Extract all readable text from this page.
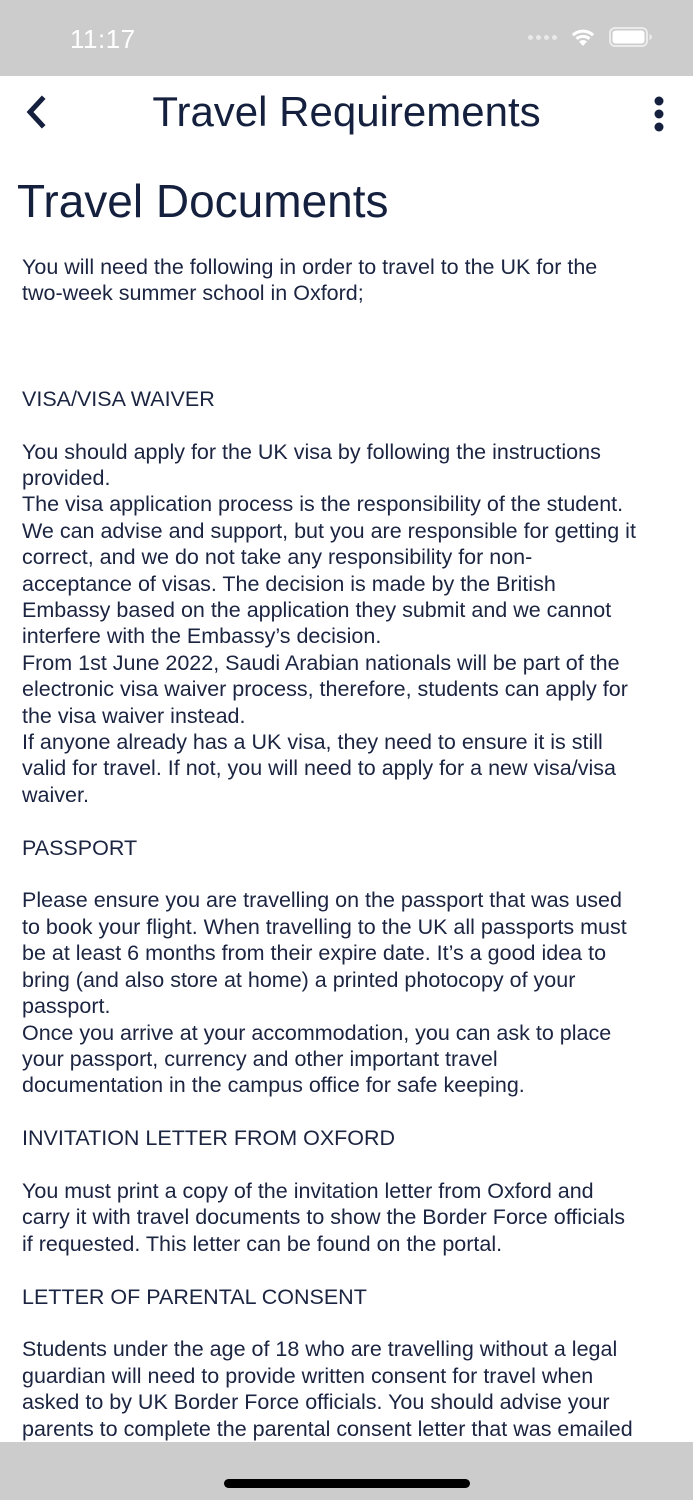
11:17
Travel Requirements
Travel Documents

You will need the following in order to travel to the UK for the
two-week summer school in Oxford;

VISA/VISA WAIVER

You should apply for the UK visa by following the instructions
provided.
The visa application process is the responsibility of the student.
We can advise and support, but you are responsible for getting it
correct, and we do not take any responsibility for non-
acceptance of visas. The decision is made by the British
Embassy based on the application they submit and we cannot
interfere with the Embassy’s decision.
From 1st June 2022, Saudi Arabian nationals will be part of the
electronic visa waiver process, therefore, students can apply for
the visa waiver instead.
If anyone already has a UK visa, they need to ensure it is still
valid for travel. If not, you will need to apply for a new visa/visa
waiver.

PASSPORT

Please ensure you are travelling on the passport that was used
to book your flight. When travelling to the UK all passports must
be at least 6 months from their expire date. It’s a good idea to
bring (and also store at home) a printed photocopy of your
passport.
Once you arrive at your accommodation, you can ask to place
your passport, currency and other important travel
documentation in the campus office for safe keeping.

INVITATION LETTER FROM OXFORD

You must print a copy of the invitation letter from Oxford and
carry it with travel documents to show the Border Force officials
if requested. This letter can be found on the portal.

LETTER OF PARENTAL CONSENT

Students under the age of 18 who are travelling without a legal
guardian will need to provide written consent for travel when
asked to by UK Border Force officials. You should advise your
parents to complete the parental consent letter that was emailed
